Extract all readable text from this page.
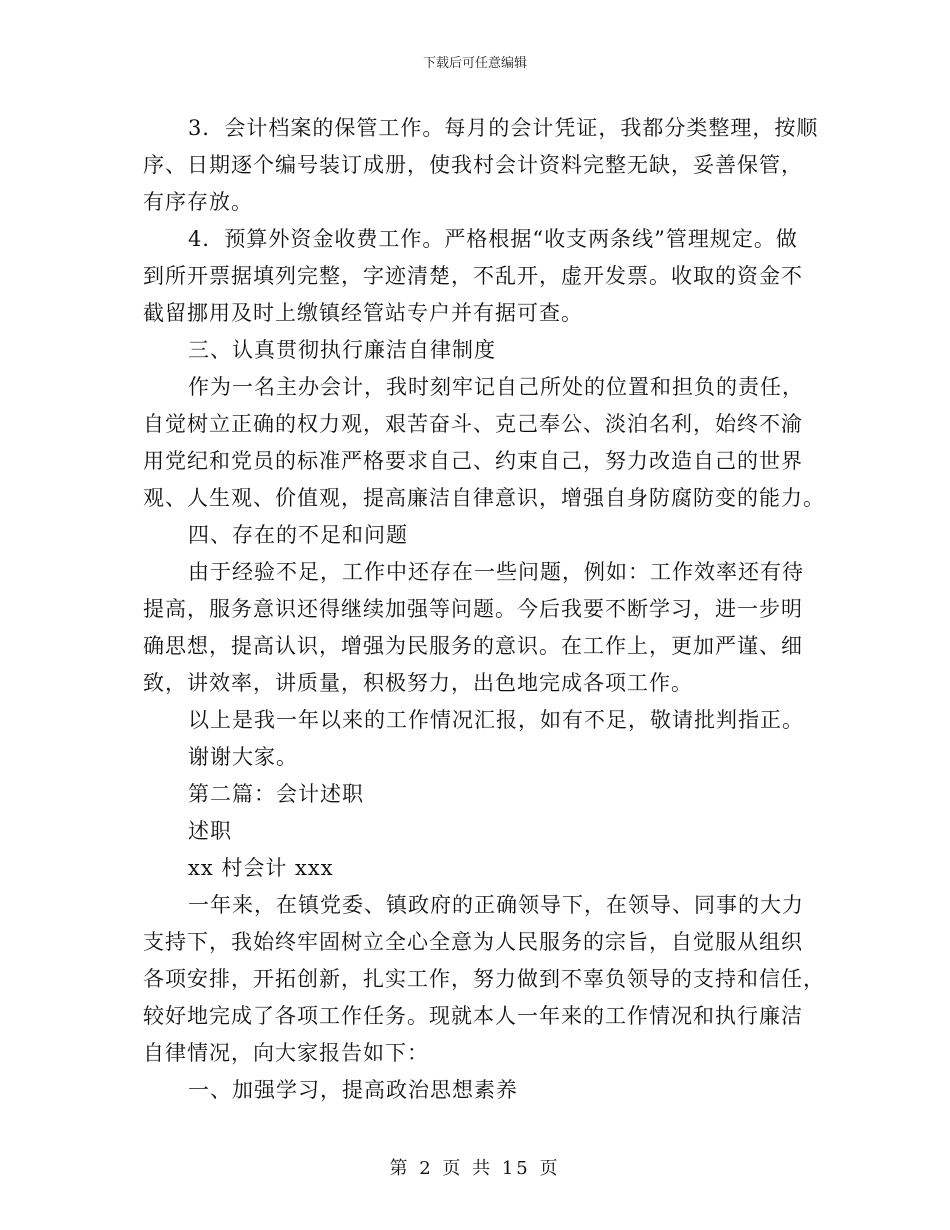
下载后可任意编辑
3．会计档案的保管工作。每月的会计凭证，我都分类整理，按顺
序、日期逐个编号装订成册，使我村会计资料完整无缺，妥善保管，
有序存放。
4．预算外资金收费工作。严格根据“收支两条线”管理规定。做
到所开票据填列完整，字迹清楚，不乱开，虚开发票。收取的资金不
截留挪用及时上缴镇经管站专户并有据可查。
三、认真贯彻执行廉洁自律制度
作为一名主办会计，我时刻牢记自己所处的位置和担负的责任，
自觉树立正确的权力观，艰苦奋斗、克己奉公、淡泊名利，始终不渝
用党纪和党员的标准严格要求自己、约束自己，努力改造自己的世界
观、人生观、价值观，提高廉洁自律意识，增强自身防腐防变的能力。
四、存在的不足和问题
由于经验不足，工作中还存在一些问题，例如：工作效率还有待
提高，服务意识还得继续加强等问题。今后我要不断学习，进一步明
确思想，提高认识，增强为民服务的意识。在工作上，更加严谨、细
致，讲效率，讲质量，积极努力，出色地完成各项工作。
以上是我一年以来的工作情况汇报，如有不足，敬请批判指正。
谢谢大家。
第二篇：会计述职
述职
xx 村会计 xxx
一年来，在镇党委、镇政府的正确领导下，在领导、同事的大力
支持下，我始终牢固树立全心全意为人民服务的宗旨，自觉服从组织
各项安排，开拓创新，扎实工作，努力做到不辜负领导的支持和信任，
较好地完成了各项工作任务。现就本人一年来的工作情况和执行廉洁
自律情况，向大家报告如下：
一、加强学习，提高政治思想素养
第 2 页 共 15 页
